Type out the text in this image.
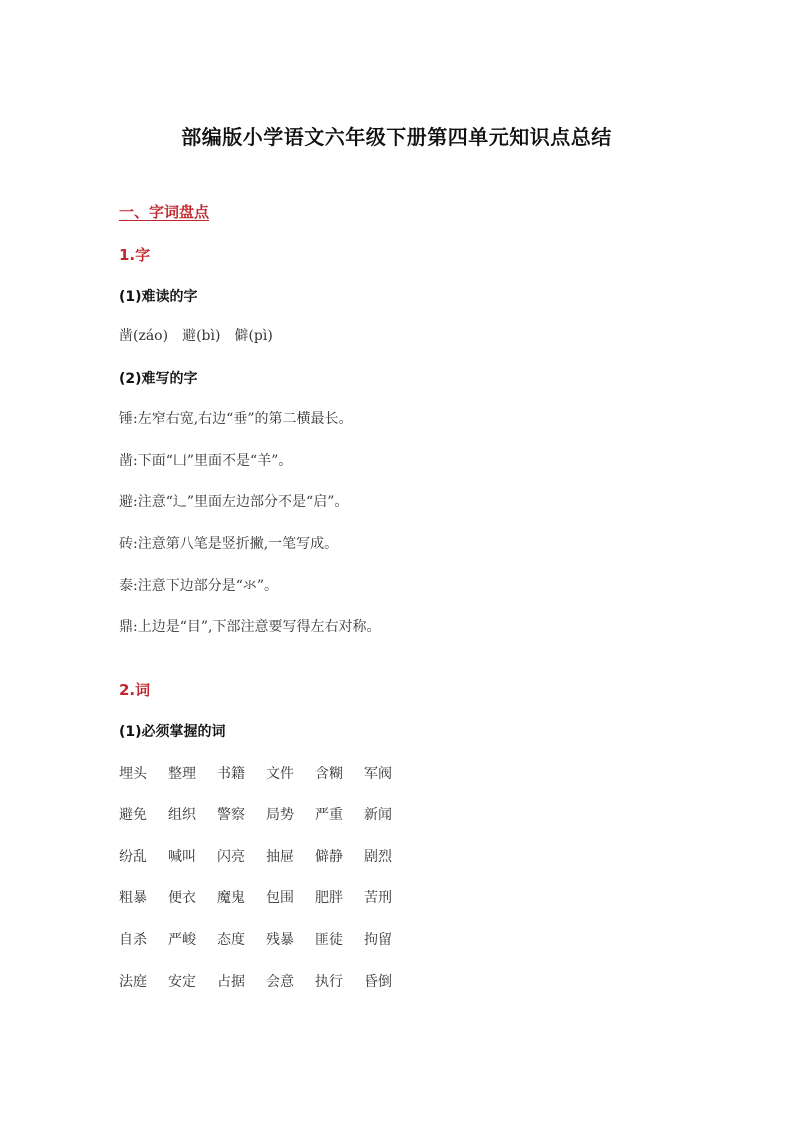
部编版小学语文六年级下册第四单元知识点总结
一、字词盘点
1.字
(1)难读的字
凿(záo)　避(bì)　僻(pì)
(2)难写的字
锤:左窄右宽,右边“垂”的第二横最长。
凿:下面“凵”里面不是“羊”。
避:注意“辶”里面左边部分不是“启”。
砖:注意第八笔是竖折撇,一笔写成。
泰:注意下边部分是“氺”。
鼎:上边是“目”,下部注意要写得左右对称。
2.词
(1)必须掌握的词
埋头	整理	书籍	文件	含糊	军阀
避免	组织	警察	局势	严重	新闻
纷乱	喊叫	闪亮	抽屉	僻静	剧烈
粗暴	便衣	魔鬼	包围	肥胖	苦刑
自杀	严峻	态度	残暴	匪徒	拘留
法庭	安定	占据	会意	执行	昏倒
